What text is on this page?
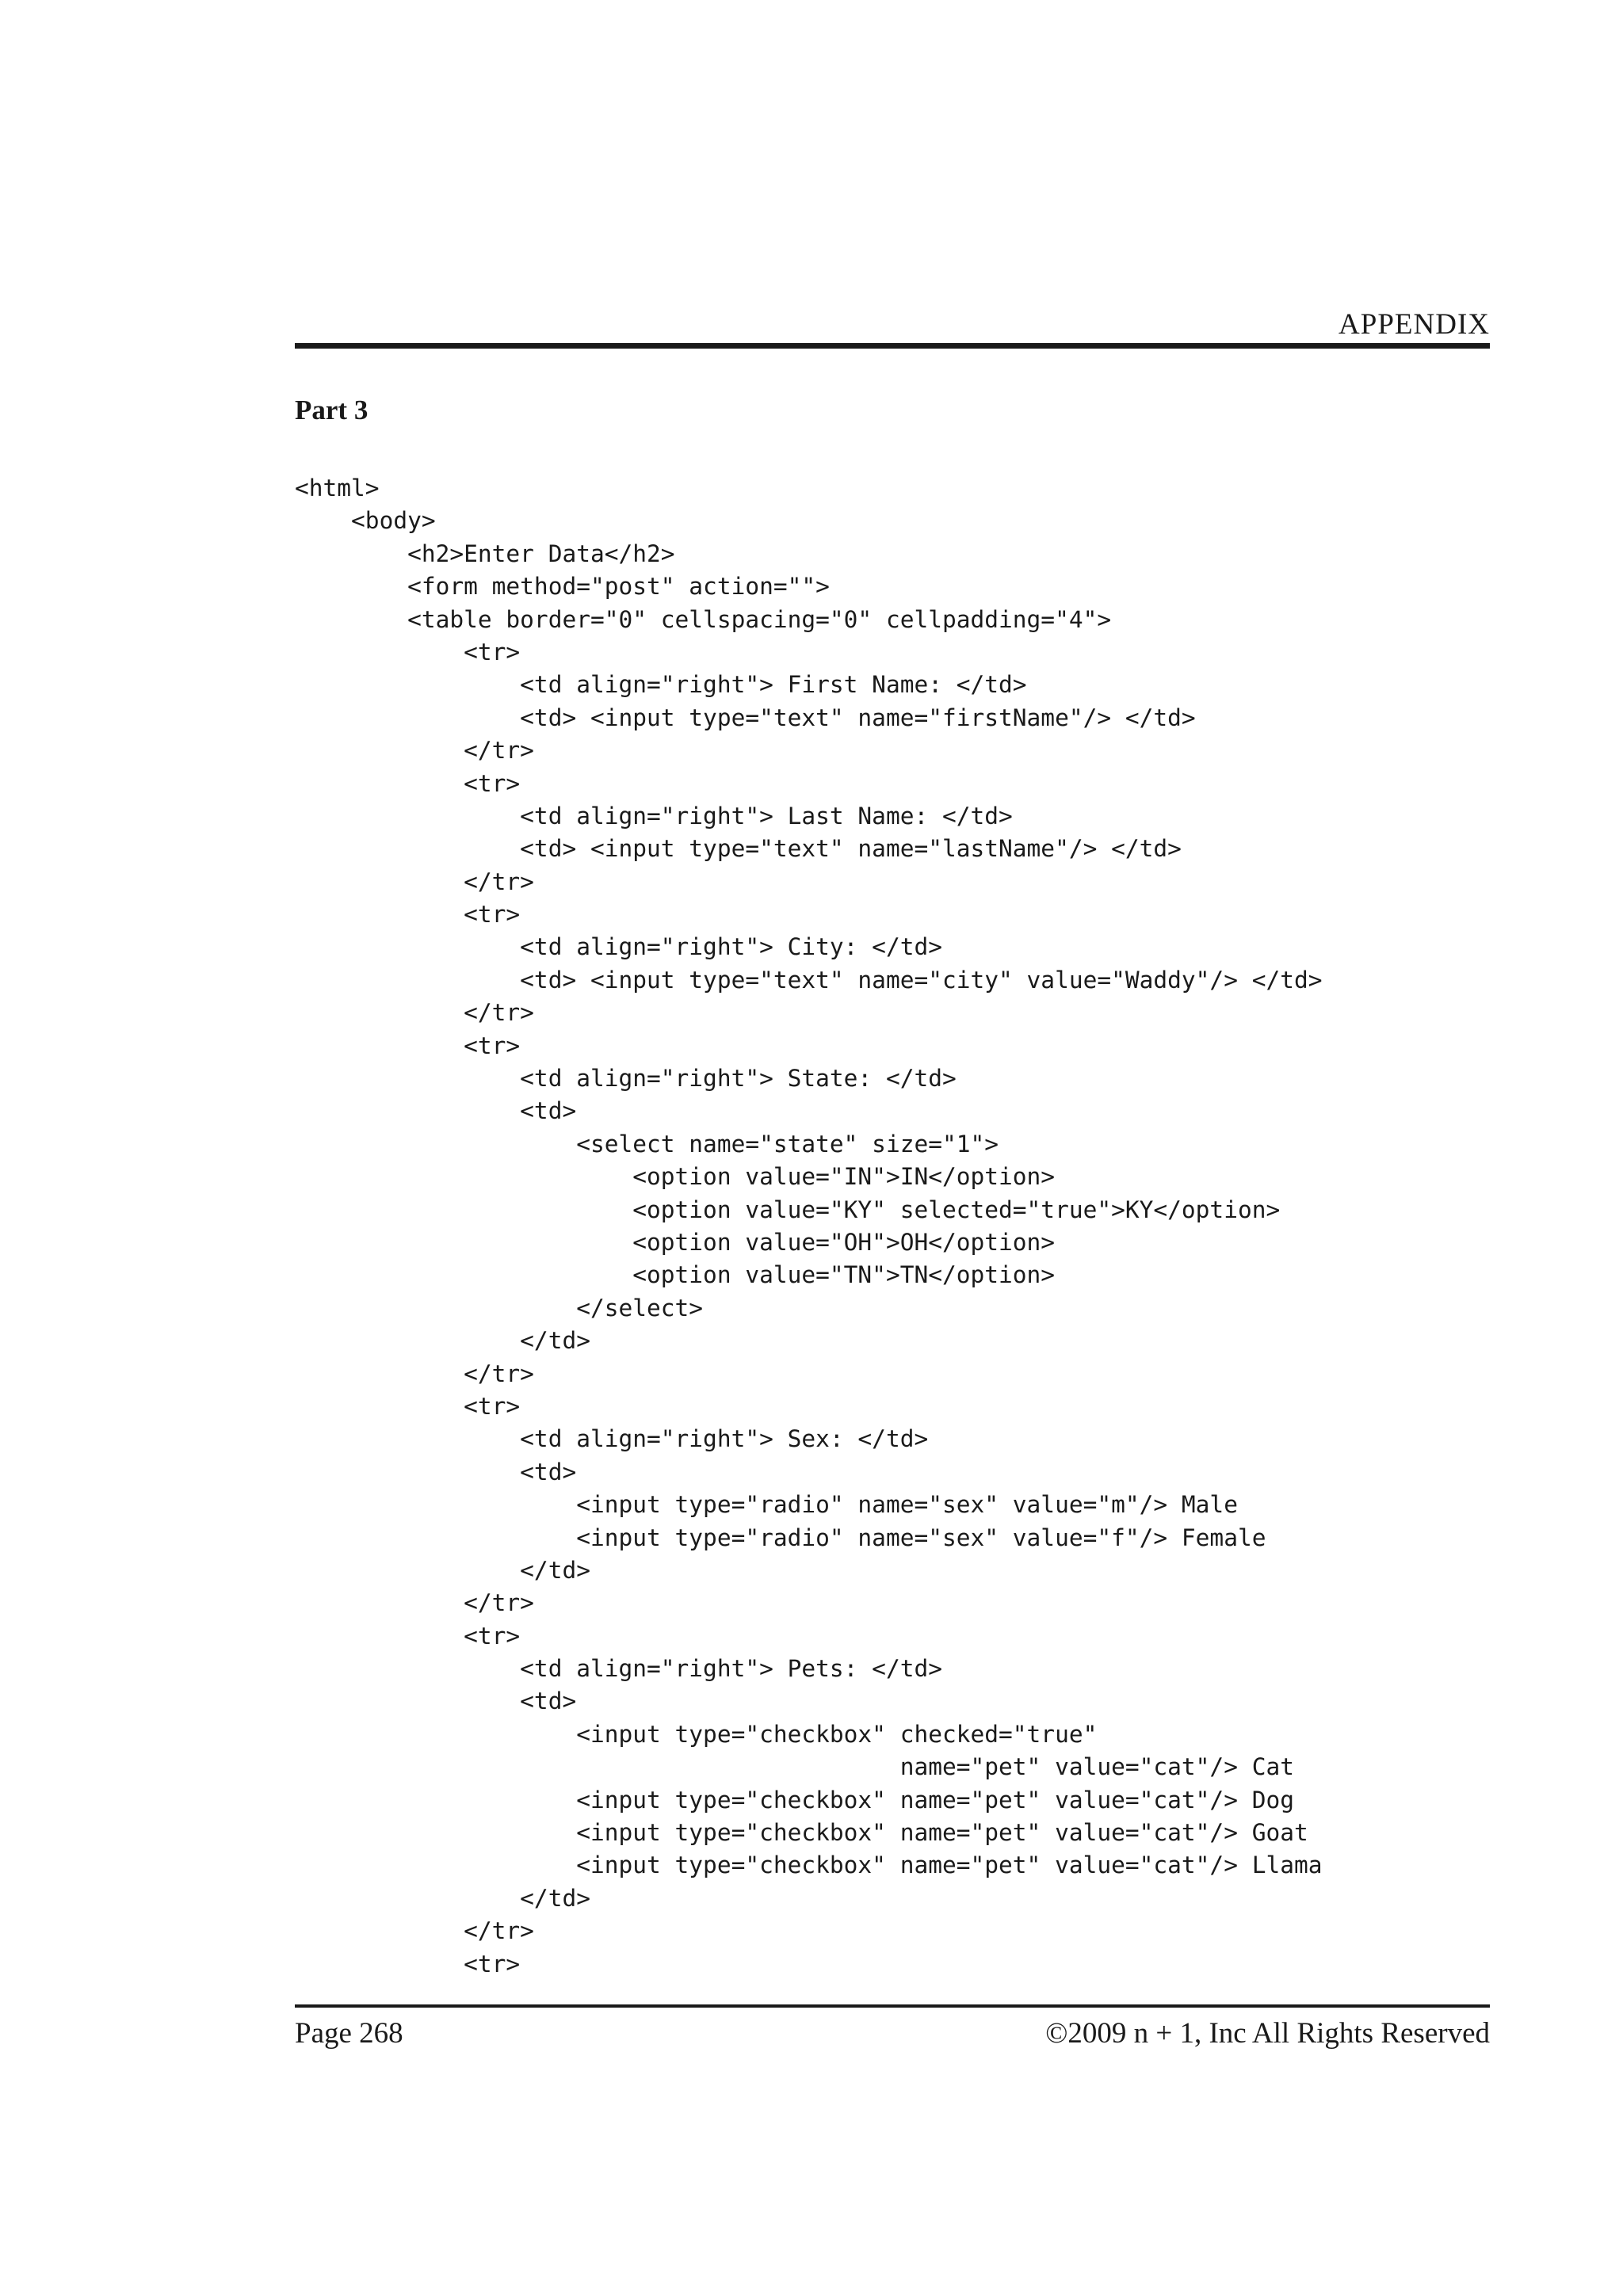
APPENDIX
Part 3
<html>
<body>
<h2>Enter Data</h2>
<form method="post" action="">
<table border="0" cellspacing="0" cellpadding="4">
<tr>
<td align="right"> First Name: </td>
<td> <input type="text" name="firstName"/> </td>
</tr>
<tr>
<td align="right"> Last Name: </td>
<td> <input type="text" name="lastName"/> </td>
</tr>
<tr>
<td align="right"> City: </td>
<td> <input type="text" name="city" value="Waddy"/> </td>
</tr>
<tr>
<td align="right"> State: </td>
<td>
<select name="state" size="1">
<option value="IN">IN</option>
<option value="KY" selected="true">KY</option>
<option value="OH">OH</option>
<option value="TN">TN</option>
</select>
</td>
</tr>
<tr>
<td align="right"> Sex: </td>
<td>
<input type="radio" name="sex" value="m"/> Male
<input type="radio" name="sex" value="f"/> Female
</td>
</tr>
<tr>
<td align="right"> Pets: </td>
<td>
<input type="checkbox" checked="true"
name="pet" value="cat"/> Cat
<input type="checkbox" name="pet" value="cat"/> Dog
<input type="checkbox" name="pet" value="cat"/> Goat
<input type="checkbox" name="pet" value="cat"/> Llama
</td>
</tr>
<tr>
Page 268	©2009 n + 1, Inc All Rights Reserved
